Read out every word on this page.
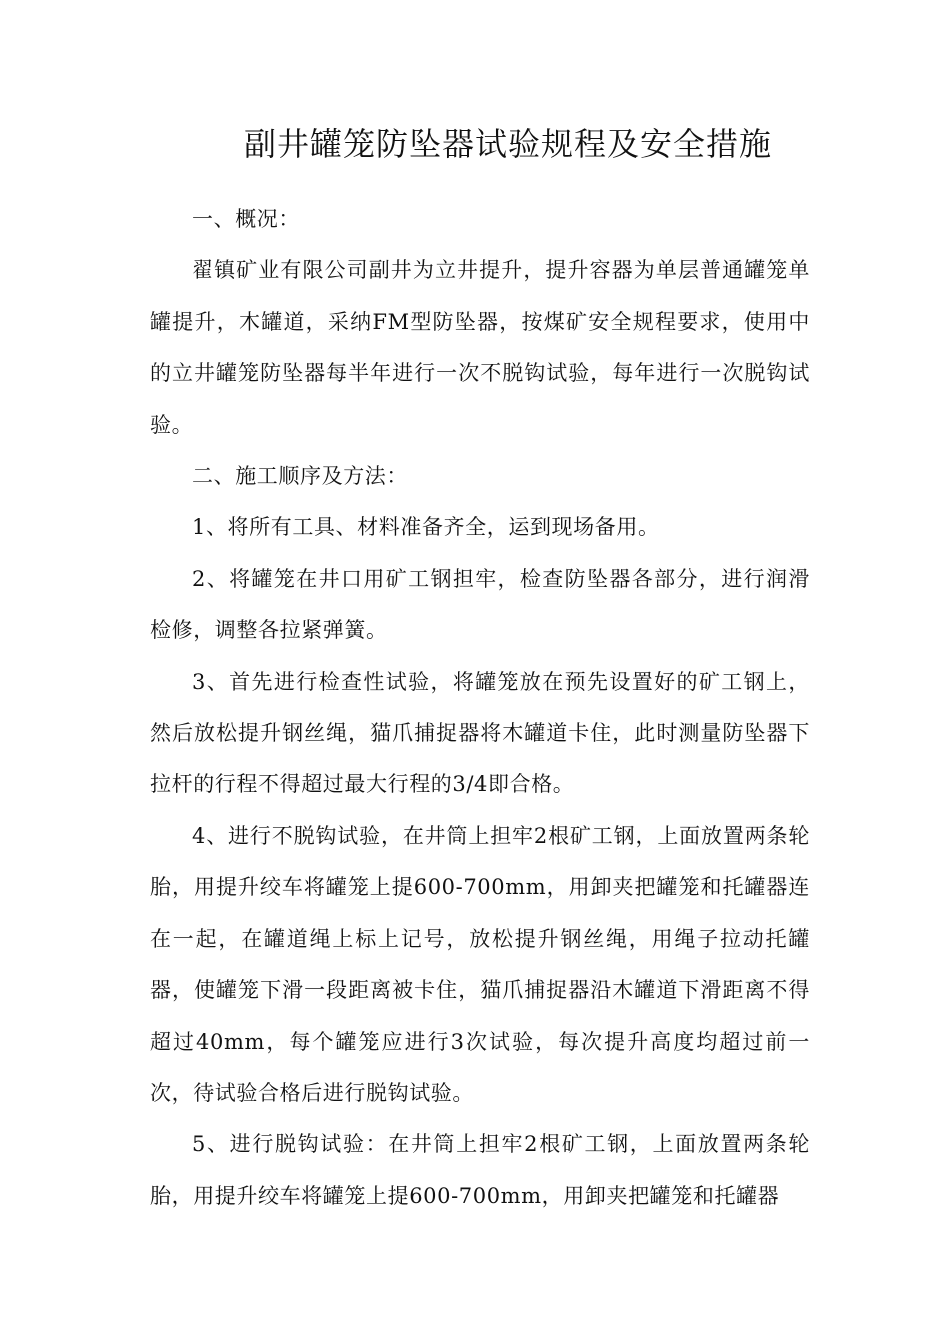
副井罐笼防坠器试验规程及安全措施

一、概况：

翟镇矿业有限公司副井为立井提升，提升容器为单层普通罐笼单罐提升，木罐道，采纳FM型防坠器，按煤矿安全规程要求，使用中的立井罐笼防坠器每半年进行一次不脱钩试验，每年进行一次脱钩试验。

二、施工顺序及方法：

1、将所有工具、材料准备齐全，运到现场备用。

2、将罐笼在井口用矿工钢担牢，检查防坠器各部分，进行润滑检修，调整各拉紧弹簧。

3、首先进行检查性试验，将罐笼放在预先设置好的矿工钢上，然后放松提升钢丝绳，猫爪捕捉器将木罐道卡住，此时测量防坠器下拉杆的行程不得超过最大行程的3/4即合格。

4、进行不脱钩试验，在井筒上担牢2根矿工钢，上面放置两条轮胎，用提升绞车将罐笼上提600-700mm，用卸夹把罐笼和托罐器连在一起，在罐道绳上标上记号，放松提升钢丝绳，用绳子拉动托罐器，使罐笼下滑一段距离被卡住，猫爪捕捉器沿木罐道下滑距离不得超过40mm，每个罐笼应进行3次试验，每次提升高度均超过前一次，待试验合格后进行脱钩试验。

5、进行脱钩试验：在井筒上担牢2根矿工钢，上面放置两条轮胎，用提升绞车将罐笼上提600-700mm，用卸夹把罐笼和托罐器
